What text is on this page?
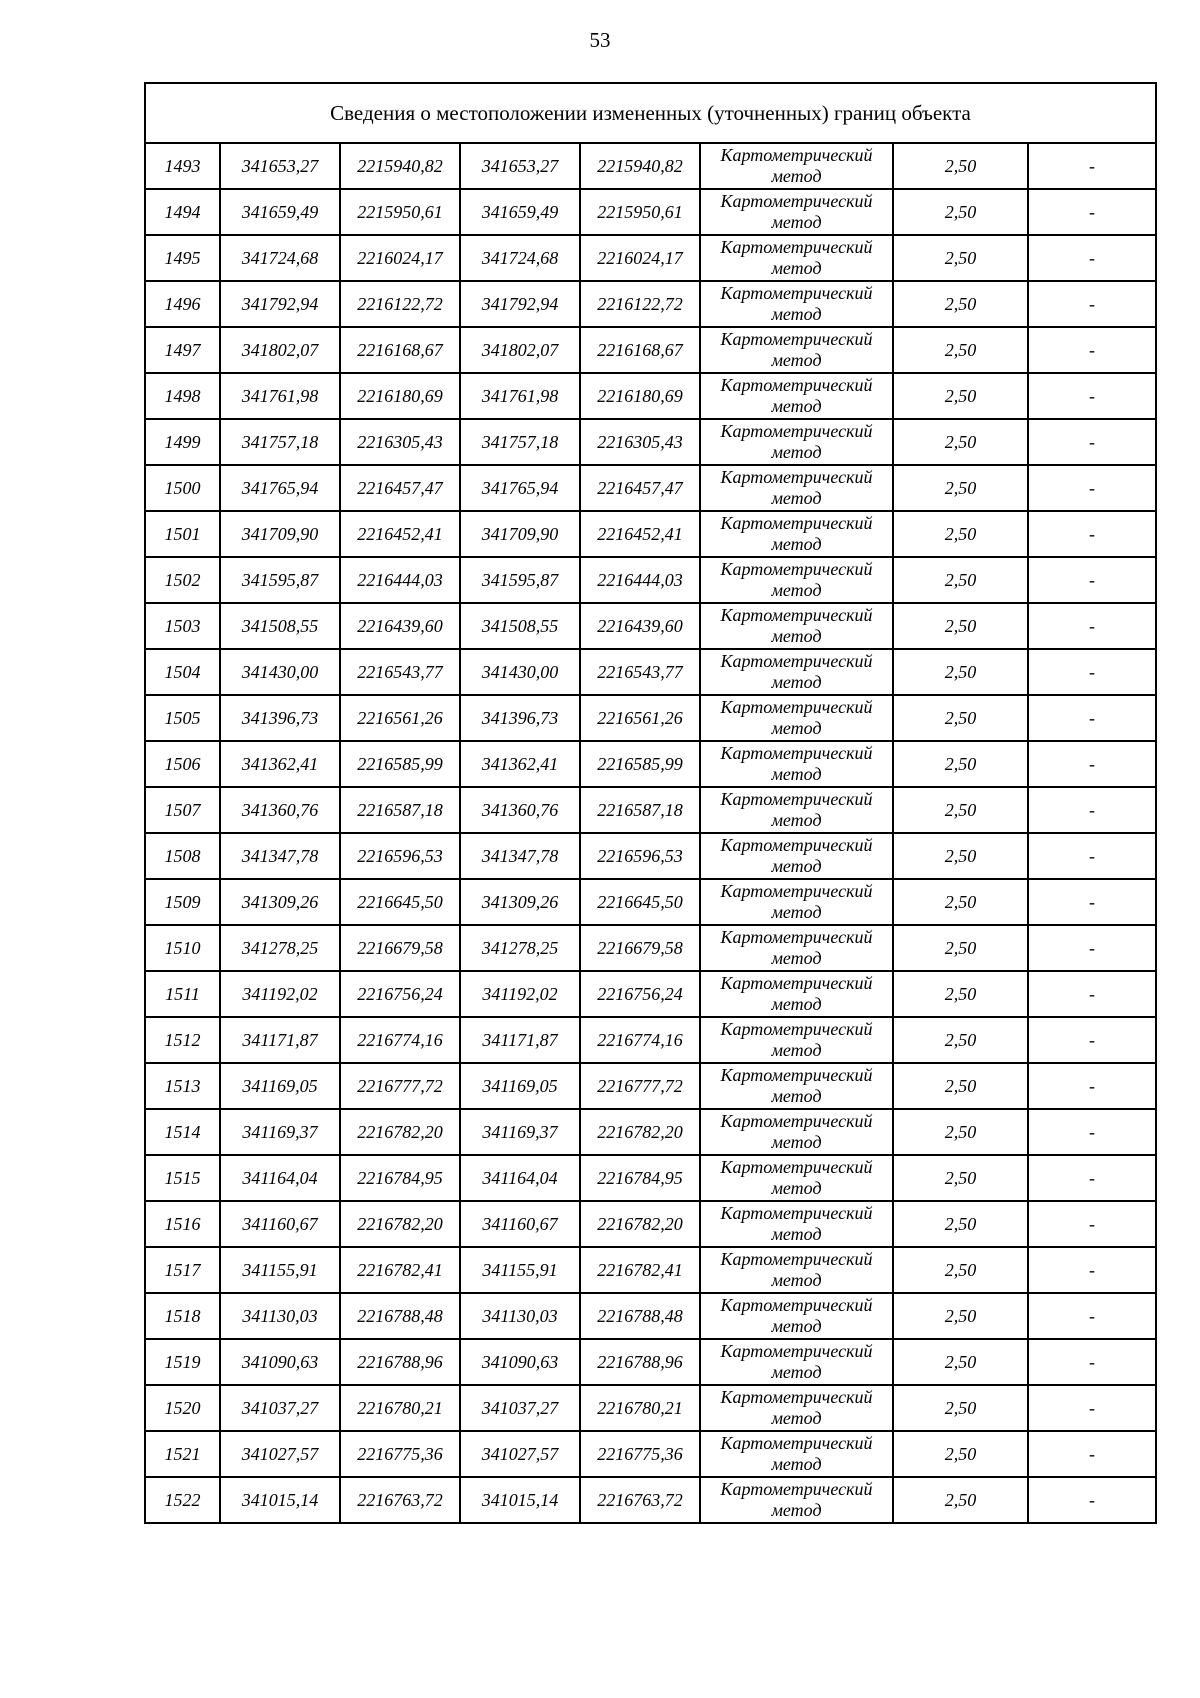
53
Сведения о местоположении измененных (уточненных) границ объекта							
1493	341653,27	2215940,82	341653,27	2215940,82	Картометрический метод	2,50	-
1494	341659,49	2215950,61	341659,49	2215950,61	Картометрический метод	2,50	-
1495	341724,68	2216024,17	341724,68	2216024,17	Картометрический метод	2,50	-
1496	341792,94	2216122,72	341792,94	2216122,72	Картометрический метод	2,50	-
1497	341802,07	2216168,67	341802,07	2216168,67	Картометрический метод	2,50	-
1498	341761,98	2216180,69	341761,98	2216180,69	Картометрический метод	2,50	-
1499	341757,18	2216305,43	341757,18	2216305,43	Картометрический метод	2,50	-
1500	341765,94	2216457,47	341765,94	2216457,47	Картометрический метод	2,50	-
1501	341709,90	2216452,41	341709,90	2216452,41	Картометрический метод	2,50	-
1502	341595,87	2216444,03	341595,87	2216444,03	Картометрический метод	2,50	-
1503	341508,55	2216439,60	341508,55	2216439,60	Картометрический метод	2,50	-
1504	341430,00	2216543,77	341430,00	2216543,77	Картометрический метод	2,50	-
1505	341396,73	2216561,26	341396,73	2216561,26	Картометрический метод	2,50	-
1506	341362,41	2216585,99	341362,41	2216585,99	Картометрический метод	2,50	-
1507	341360,76	2216587,18	341360,76	2216587,18	Картометрический метод	2,50	-
1508	341347,78	2216596,53	341347,78	2216596,53	Картометрический метод	2,50	-
1509	341309,26	2216645,50	341309,26	2216645,50	Картометрический метод	2,50	-
1510	341278,25	2216679,58	341278,25	2216679,58	Картометрический метод	2,50	-
1511	341192,02	2216756,24	341192,02	2216756,24	Картометрический метод	2,50	-
1512	341171,87	2216774,16	341171,87	2216774,16	Картометрический метод	2,50	-
1513	341169,05	2216777,72	341169,05	2216777,72	Картометрический метод	2,50	-
1514	341169,37	2216782,20	341169,37	2216782,20	Картометрический метод	2,50	-
1515	341164,04	2216784,95	341164,04	2216784,95	Картометрический метод	2,50	-
1516	341160,67	2216782,20	341160,67	2216782,20	Картометрический метод	2,50	-
1517	341155,91	2216782,41	341155,91	2216782,41	Картометрический метод	2,50	-
1518	341130,03	2216788,48	341130,03	2216788,48	Картометрический метод	2,50	-
1519	341090,63	2216788,96	341090,63	2216788,96	Картометрический метод	2,50	-
1520	341037,27	2216780,21	341037,27	2216780,21	Картометрический метод	2,50	-
1521	341027,57	2216775,36	341027,57	2216775,36	Картометрический метод	2,50	-
1522	341015,14	2216763,72	341015,14	2216763,72	Картометрический метод	2,50	-
